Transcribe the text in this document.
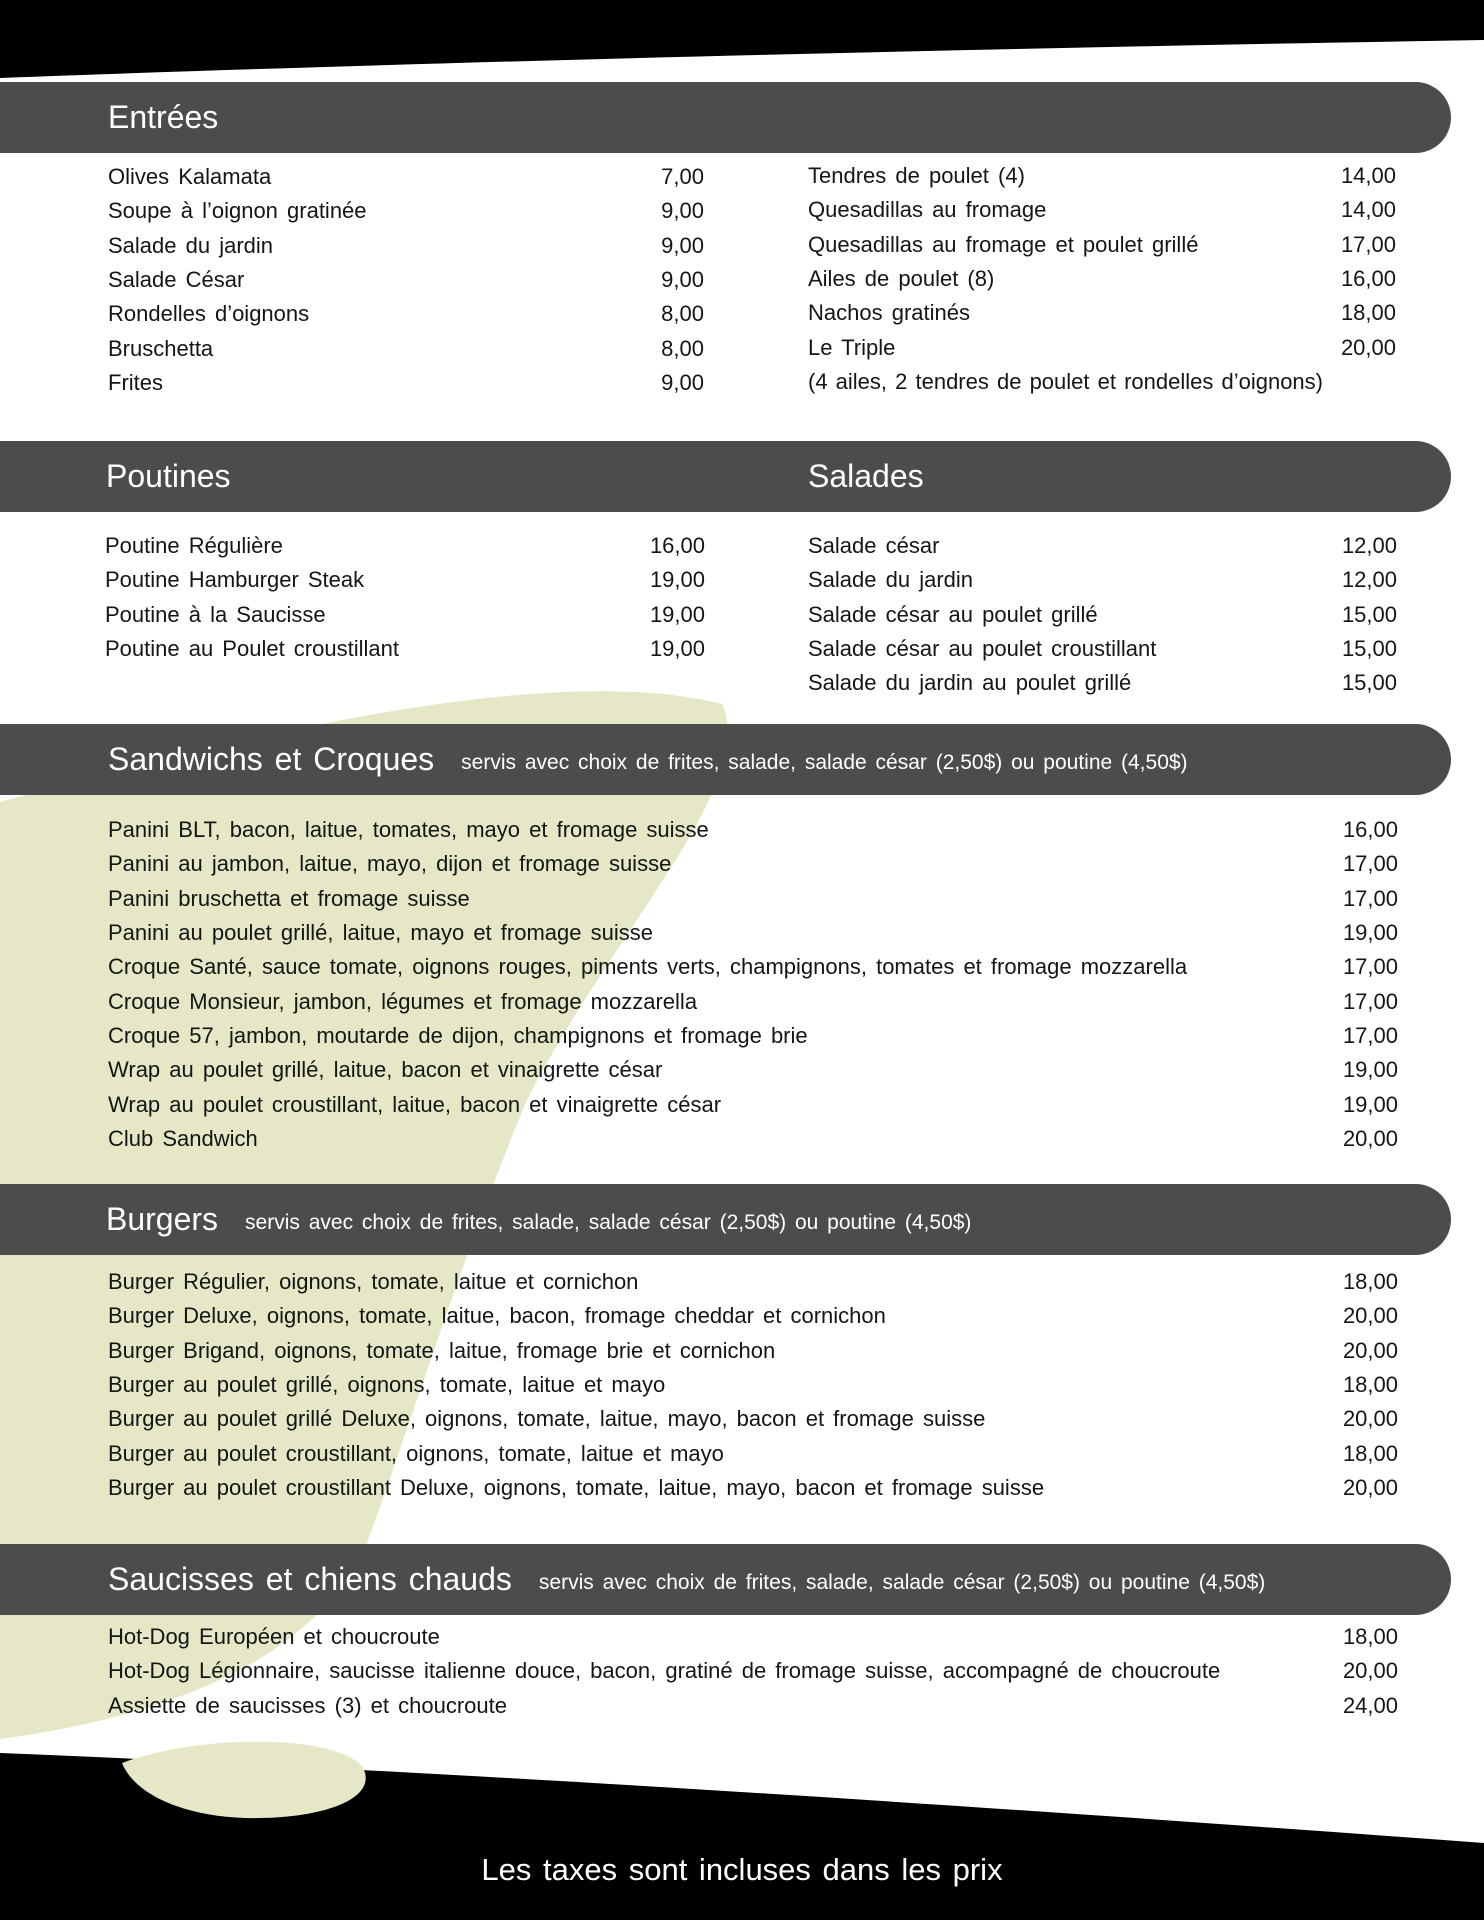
Entrées
Olives Kalamata	7,00
Soupe à l’oignon gratinée	9,00
Salade du jardin	9,00
Salade César	9,00
Rondelles d’oignons	8,00
Bruschetta	8,00
Frites	9,00
Tendres de poulet (4)	14,00
Quesadillas au fromage	14,00
Quesadillas au fromage et poulet grillé	17,00
Ailes de poulet (8)	16,00
Nachos gratinés	18,00
Le Triple	20,00
(4 ailes, 2 tendres de poulet et rondelles d’oignons)
Poutines	Salades
Poutine Régulière	16,00
Poutine Hamburger Steak	19,00
Poutine à la Saucisse	19,00
Poutine au Poulet croustillant	19,00
Salade césar	12,00
Salade du jardin	12,00
Salade césar au poulet grillé	15,00
Salade césar au poulet croustillant	15,00
Salade du jardin au poulet grillé	15,00
Sandwichs et Croques servis avec choix de frites, salade, salade césar (2,50$) ou poutine (4,50$)
Panini BLT, bacon, laitue, tomates, mayo et fromage suisse	16,00
Panini au jambon, laitue, mayo, dijon et fromage suisse	17,00
Panini bruschetta et fromage suisse	17,00
Panini au poulet grillé, laitue, mayo et fromage suisse	19,00
Croque Santé, sauce tomate, oignons rouges, piments verts, champignons, tomates et fromage mozzarella	17,00
Croque Monsieur, jambon, légumes et fromage mozzarella	17,00
Croque 57, jambon, moutarde de dijon, champignons et fromage brie	17,00
Wrap au poulet grillé, laitue, bacon et vinaigrette césar	19,00
Wrap au poulet croustillant, laitue, bacon et vinaigrette césar	19,00
Club Sandwich	20,00
Burgers servis avec choix de frites, salade, salade césar (2,50$) ou poutine (4,50$)
Burger Régulier, oignons, tomate, laitue et cornichon	18,00
Burger Deluxe, oignons, tomate, laitue, bacon, fromage cheddar et cornichon	20,00
Burger Brigand, oignons, tomate, laitue, fromage brie et cornichon	20,00
Burger au poulet grillé, oignons, tomate, laitue et mayo	18,00
Burger au poulet grillé Deluxe, oignons, tomate, laitue, mayo, bacon et fromage suisse	20,00
Burger au poulet croustillant, oignons, tomate, laitue et mayo	18,00
Burger au poulet croustillant Deluxe, oignons, tomate, laitue, mayo, bacon et fromage suisse	20,00
Saucisses et chiens chauds servis avec choix de frites, salade, salade césar (2,50$) ou poutine (4,50$)
Hot-Dog Européen et choucroute	18,00
Hot-Dog Légionnaire, saucisse italienne douce, bacon, gratiné de fromage suisse, accompagné de choucroute	20,00
Assiette de saucisses (3) et choucroute	24,00
Les taxes sont incluses dans les prix
